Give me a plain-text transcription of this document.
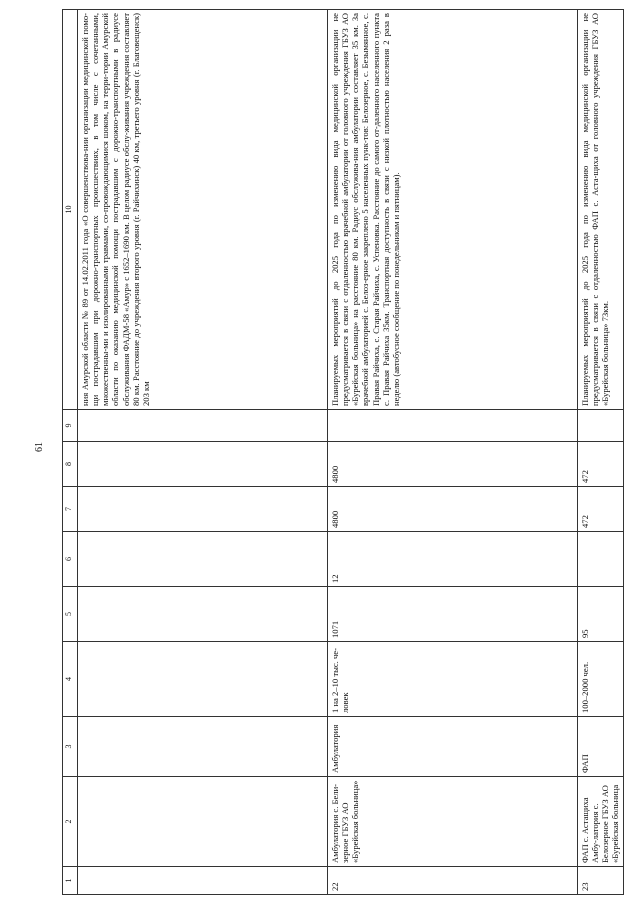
61
1	2	3	4	5	6	7	8	9	10
									ния Амурской области № 89 от 14.02.2011 года «О совершенствова-нии организации медицинской помо-щи пострадавшим при дорожно-транспортных происшествиях, в том числе с сочетанными, множественны-ми и изолированными травмами, со-провождающимися шоком, на терри-тории Амурской области по оказанию медицинской помощи пострадавшим с дорожно-транспортными в радиусе обслуживания ФАДМ-58 «Амур» с 1652–1690 км. В целом радиусе обслу-живания учреждения составляет 80 км. Расстояние до учреждения второго уровня (г. Райчихинск) 40 км, третьего уровня (г. Благовещенск) 203 км
22	Амбулатория с. Бели-зерное ГБУЗ АО «Бурейская больница»	Амбулатория	1 на 2–10 тыс. че-ловек	1071	12	4800	4800		Планируемых мероприятий до 2025 года по изменению вида медицинской организации не предусматривается в связи с отдаленностью врачебной амбулатории от головного учреждения ГБУЗ АО «Бурейская больница» на расстояние 80 км. Радиус обслужива-ния амбулатории составляет 35 км. За врачебной амбулаторией с. Белоз-ерное закреплено 5 населенных пунк-тов: Белозерное, с. Безымянное, с. Правая Райчиха, с. Старая Райчиха, с. Успеновка. Расстояние до самого от-даленного населенного пункта с. Правая Райчиха 35км. Транспортная доступность в связи с низкой плотностью населения 2 раза в неделю (автобусное сообщение по понедельникам и пятницам).
23	ФАП с. Астащиха Амбу-латория с. Белозерное ГБУЗ АО «Бурейская больница	ФАП	100–2000 чел.	95		472	472		Планируемых мероприятий до 2025 года по изменению вида медицинской организации не предусматривается в связи с отдаленностью ФАП с. Аста-щиха от головного учреждения ГБУЗ АО «Бурейская больница» 73км.
